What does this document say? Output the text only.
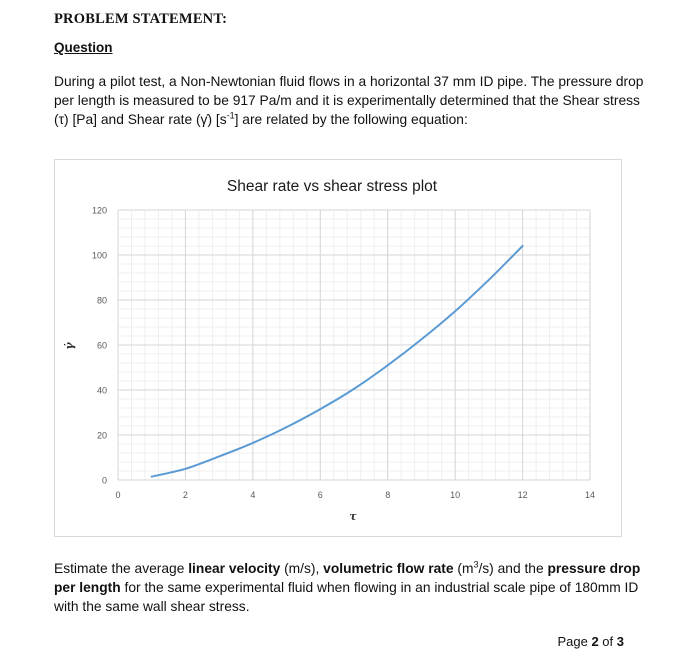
PROBLEM STATEMENT:
Question
During a pilot test, a Non-Newtonian fluid flows in a horizontal 37 mm ID pipe. The pressure drop per length is measured to be 917 Pa/m and it is experimentally determined that the Shear stress (τ) [Pa] and Shear rate (γ̇) $[s^{-1}]$ are related by the following equation:
Shear rate vs shear stress plot
0
20
40
60
80
100
120
0	2	4	6	8	10	12	14
τ
γ̇
Estimate the average linear velocity (m/s), volumetric flow rate $(m^3/s)$ and the pressure drop per length for the same experimental fluid when flowing in an industrial scale pipe of 180mm ID with the same wall shear stress.
Page 2 of 3
